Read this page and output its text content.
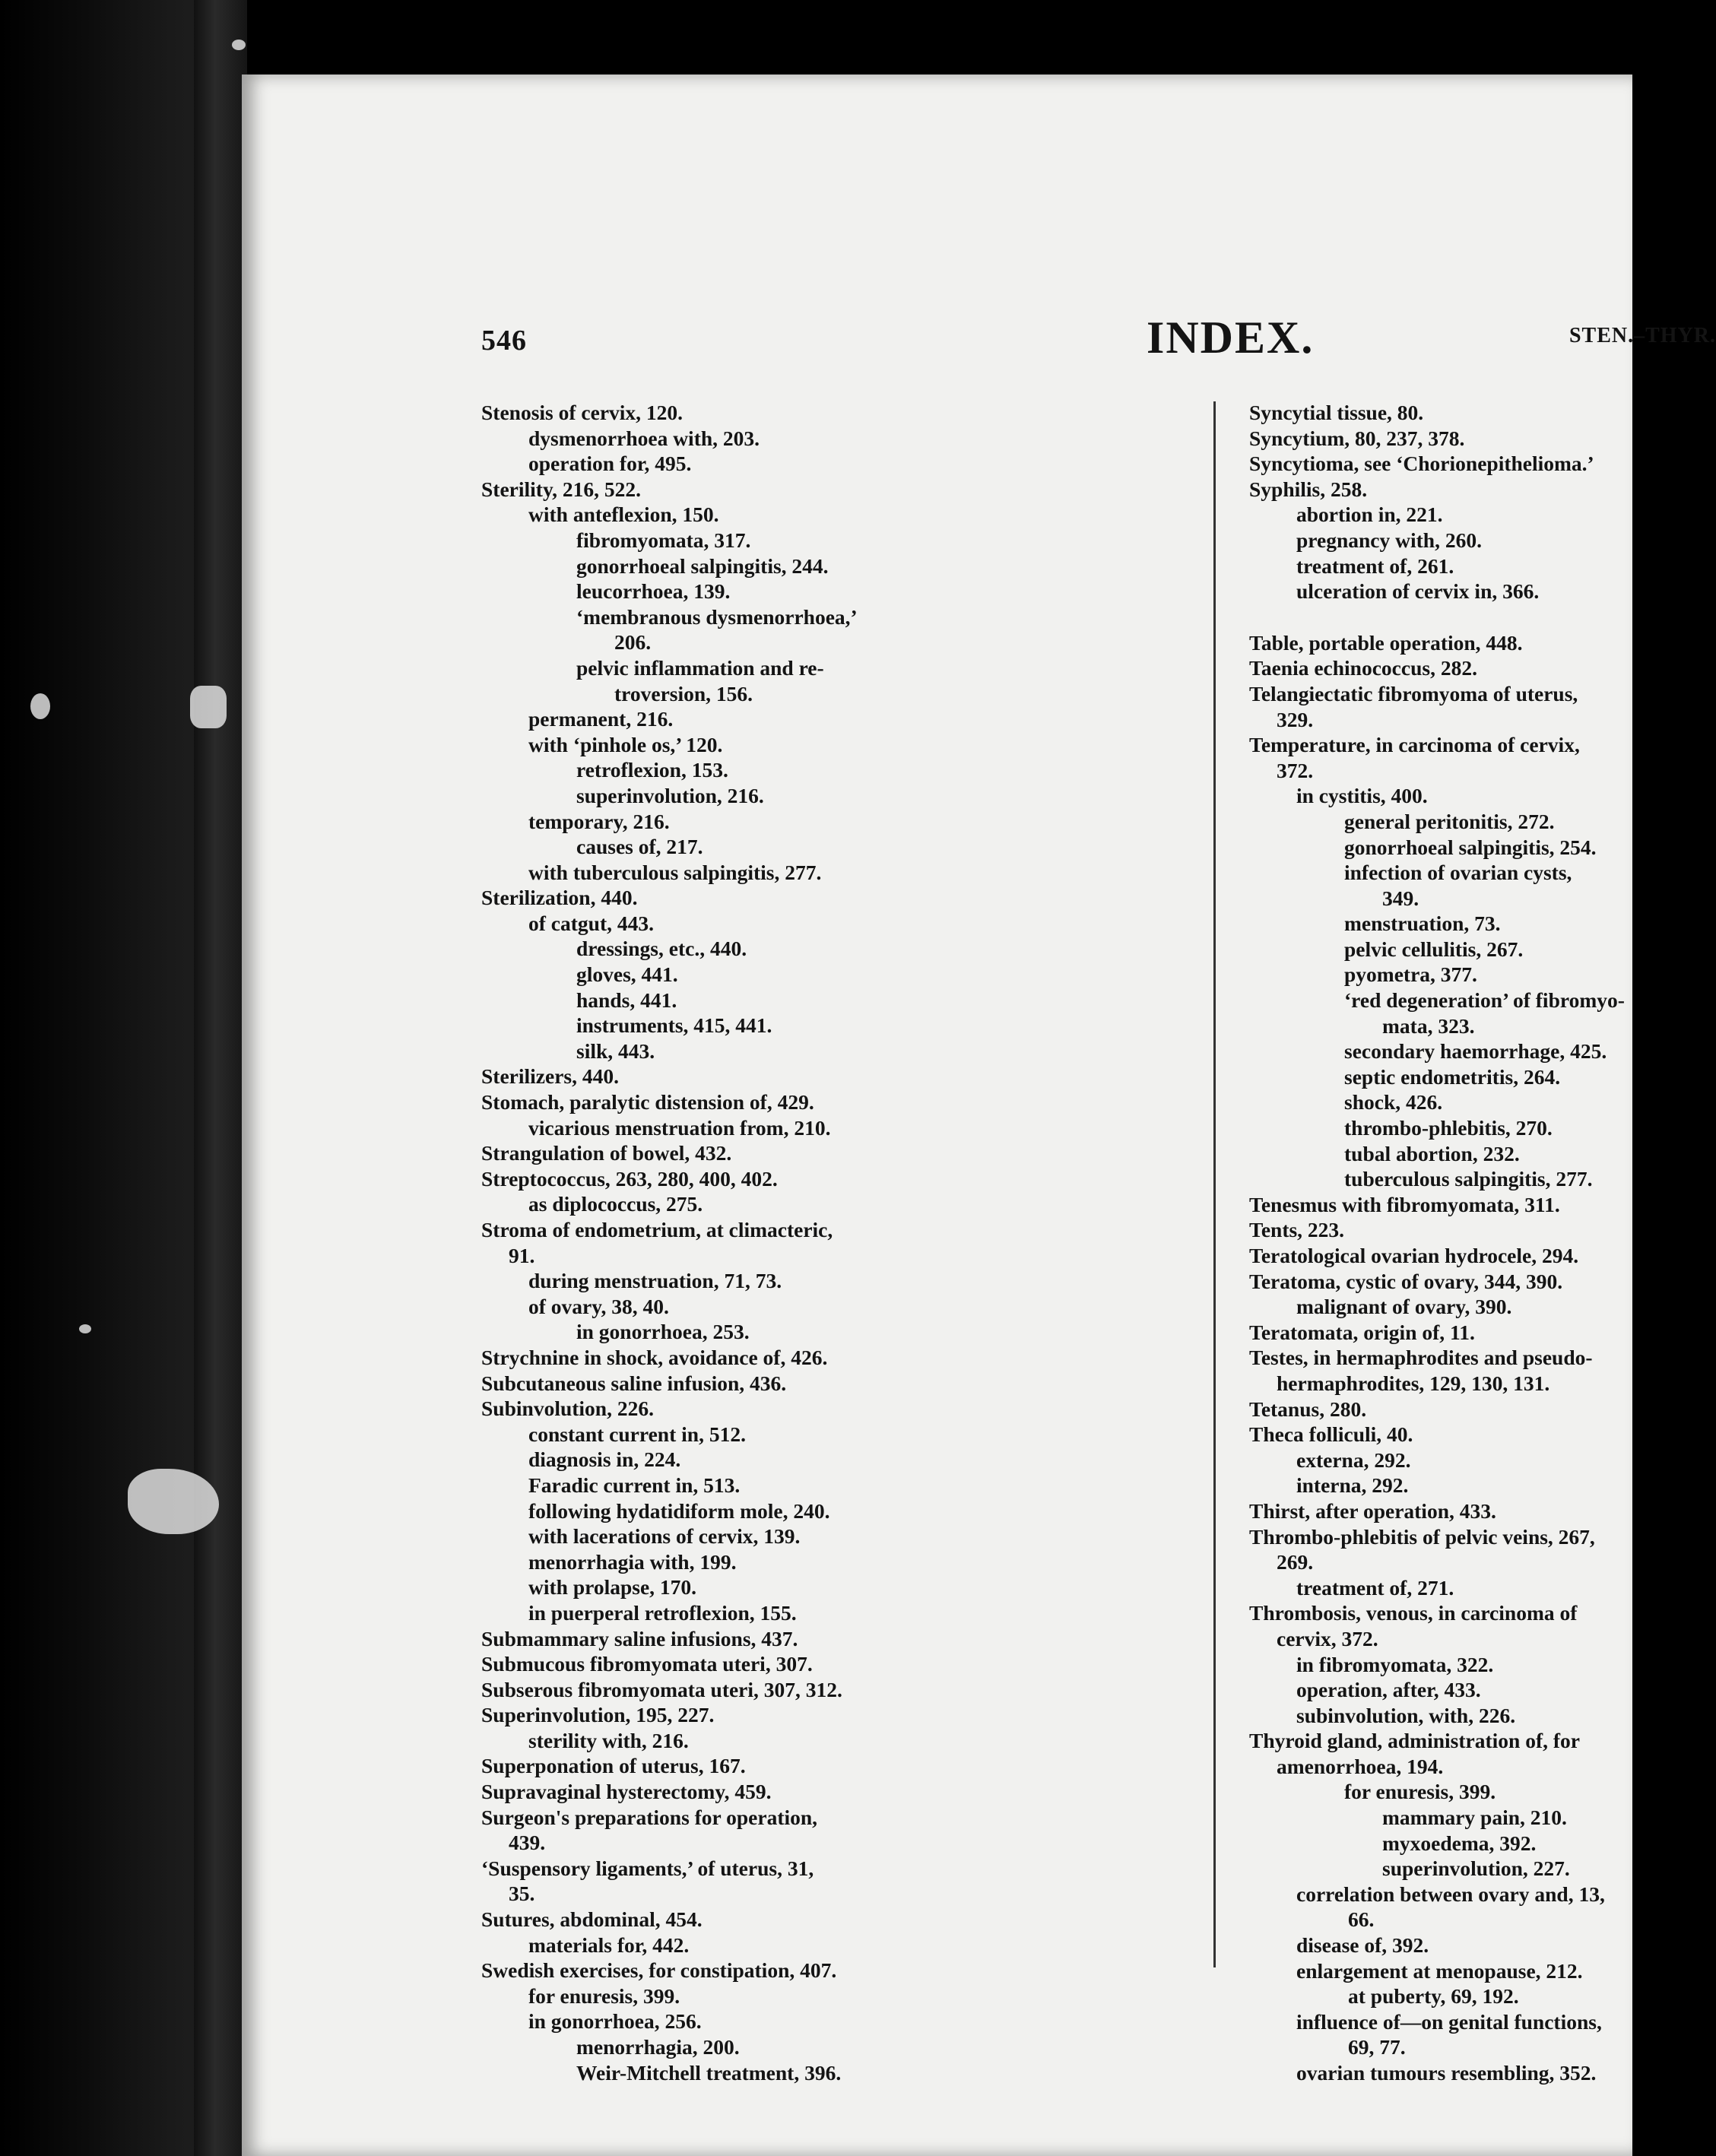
546	INDEX.	STEN.–THYR.
Stenosis of cervix, 120.
dysmenorrhoea with, 203.
operation for, 495.
Sterility, 216, 522.
with anteflexion, 150.
fibromyomata, 317.
gonorrhoeal salpingitis, 244.
leucorrhoea, 139.
‘membranous dysmenorrhoea,’
206.
pelvic inflammation and re-
troversion, 156.
permanent, 216.
with ‘pinhole os,’ 120.
retroflexion, 153.
superinvolution, 216.
temporary, 216.
causes of, 217.
with tuberculous salpingitis, 277.
Sterilization, 440.
of catgut, 443.
dressings, etc., 440.
gloves, 441.
hands, 441.
instruments, 415, 441.
silk, 443.
Sterilizers, 440.
Stomach, paralytic distension of, 429.
vicarious menstruation from, 210.
Strangulation of bowel, 432.
Streptococcus, 263, 280, 400, 402.
as diplococcus, 275.
Stroma of endometrium, at climacteric,
91.
during menstruation, 71, 73.
of ovary, 38, 40.
in gonorrhoea, 253.
Strychnine in shock, avoidance of, 426.
Subcutaneous saline infusion, 436.
Subinvolution, 226.
constant current in, 512.
diagnosis in, 224.
Faradic current in, 513.
following hydatidiform mole, 240.
with lacerations of cervix, 139.
menorrhagia with, 199.
with prolapse, 170.
in puerperal retroflexion, 155.
Submammary saline infusions, 437.
Submucous fibromyomata uteri, 307.
Subserous fibromyomata uteri, 307, 312.
Superinvolution, 195, 227.
sterility with, 216.
Superponation of uterus, 167.
Supravaginal hysterectomy, 459.
Surgeon's preparations for operation,
439.
‘Suspensory ligaments,’ of uterus, 31,
35.
Sutures, abdominal, 454.
materials for, 442.
Swedish exercises, for constipation, 407.
for enuresis, 399.
in gonorrhoea, 256.
menorrhagia, 200.
Weir-Mitchell treatment, 396.
Syncytial tissue, 80.
Syncytium, 80, 237, 378.
Syncytioma, see ‘Chorionepithelioma.’
Syphilis, 258.
abortion in, 221.
pregnancy with, 260.
treatment of, 261.
ulceration of cervix in, 366.
Table, portable operation, 448.
Taenia echinococcus, 282.
Telangiectatic fibromyoma of uterus,
329.
Temperature, in carcinoma of cervix,
372.
in cystitis, 400.
general peritonitis, 272.
gonorrhoeal salpingitis, 254.
infection of ovarian cysts,
349.
menstruation, 73.
pelvic cellulitis, 267.
pyometra, 377.
‘red degeneration’ of fibromyo-
mata, 323.
secondary haemorrhage, 425.
septic endometritis, 264.
shock, 426.
thrombo-phlebitis, 270.
tubal abortion, 232.
tuberculous salpingitis, 277.
Tenesmus with fibromyomata, 311.
Tents, 223.
Teratological ovarian hydrocele, 294.
Teratoma, cystic of ovary, 344, 390.
malignant of ovary, 390.
Teratomata, origin of, 11.
Testes, in hermaphrodites and pseudo-
hermaphrodites, 129, 130, 131.
Tetanus, 280.
Theca folliculi, 40.
externa, 292.
interna, 292.
Thirst, after operation, 433.
Thrombo-phlebitis of pelvic veins, 267,
269.
treatment of, 271.
Thrombosis, venous, in carcinoma of
cervix, 372.
in fibromyomata, 322.
operation, after, 433.
subinvolution, with, 226.
Thyroid gland, administration of, for
amenorrhoea, 194.
for enuresis, 399.
mammary pain, 210.
myxoedema, 392.
superinvolution, 227.
correlation between ovary and, 13,
66.
disease of, 392.
enlargement at menopause, 212.
at puberty, 69, 192.
influence of—on genital functions,
69, 77.
ovarian tumours resembling, 352.
